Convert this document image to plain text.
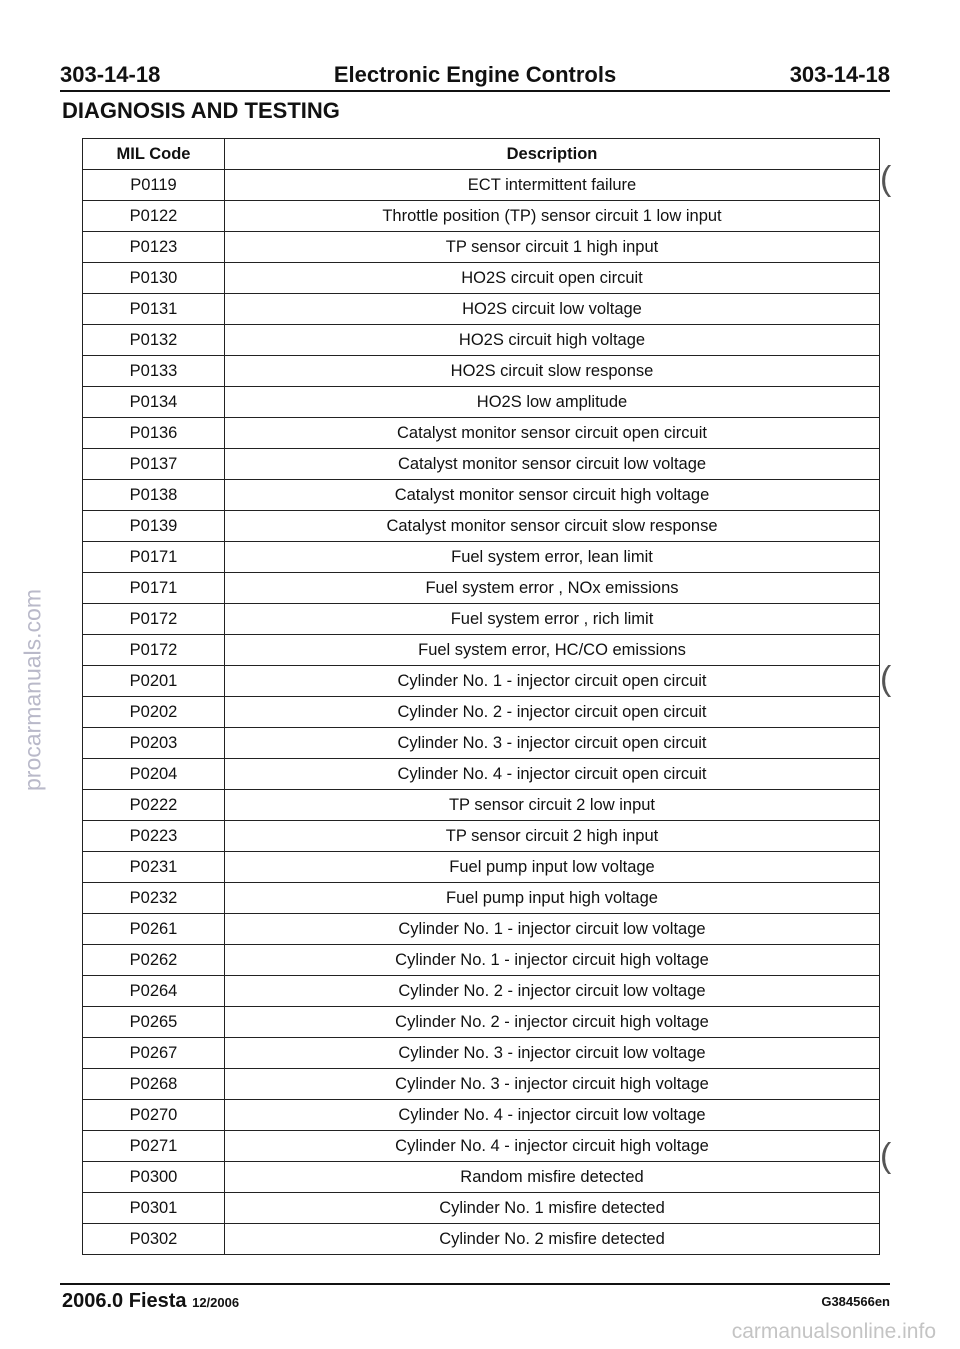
303-14-18	Electronic Engine Controls	303-14-18
DIAGNOSIS AND TESTING
MIL Code	Description
P0119	ECT intermittent failure
P0122	Throttle position (TP) sensor circuit 1 low input
P0123	TP sensor circuit 1 high input
P0130	HO2S circuit open circuit
P0131	HO2S circuit low voltage
P0132	HO2S circuit high voltage
P0133	HO2S circuit slow response
P0134	HO2S low amplitude
P0136	Catalyst monitor sensor circuit open circuit
P0137	Catalyst monitor sensor circuit low voltage
P0138	Catalyst monitor sensor circuit high voltage
P0139	Catalyst monitor sensor circuit slow response
P0171	Fuel system error, lean limit
P0171	Fuel system error , NOx emissions
P0172	Fuel system error , rich limit
P0172	Fuel system error, HC/CO emissions
P0201	Cylinder No. 1 - injector circuit open circuit
P0202	Cylinder No. 2 - injector circuit open circuit
P0203	Cylinder No. 3 - injector circuit open circuit
P0204	Cylinder No. 4 - injector circuit open circuit
P0222	TP sensor circuit 2 low input
P0223	TP sensor circuit 2 high input
P0231	Fuel pump input low voltage
P0232	Fuel pump input high voltage
P0261	Cylinder No. 1 - injector circuit low voltage
P0262	Cylinder No. 1 - injector circuit high voltage
P0264	Cylinder No. 2 - injector circuit low voltage
P0265	Cylinder No. 2 - injector circuit high voltage
P0267	Cylinder No. 3 - injector circuit low voltage
P0268	Cylinder No. 3 - injector circuit high voltage
P0270	Cylinder No. 4 - injector circuit low voltage
P0271	Cylinder No. 4 - injector circuit high voltage
P0300	Random misfire detected
P0301	Cylinder No. 1 misfire detected
P0302	Cylinder No. 2 misfire detected
(
(
(
procarmanuals.com
2006.0 Fiesta 12/2006	G384566en
carmanualsonline.info
